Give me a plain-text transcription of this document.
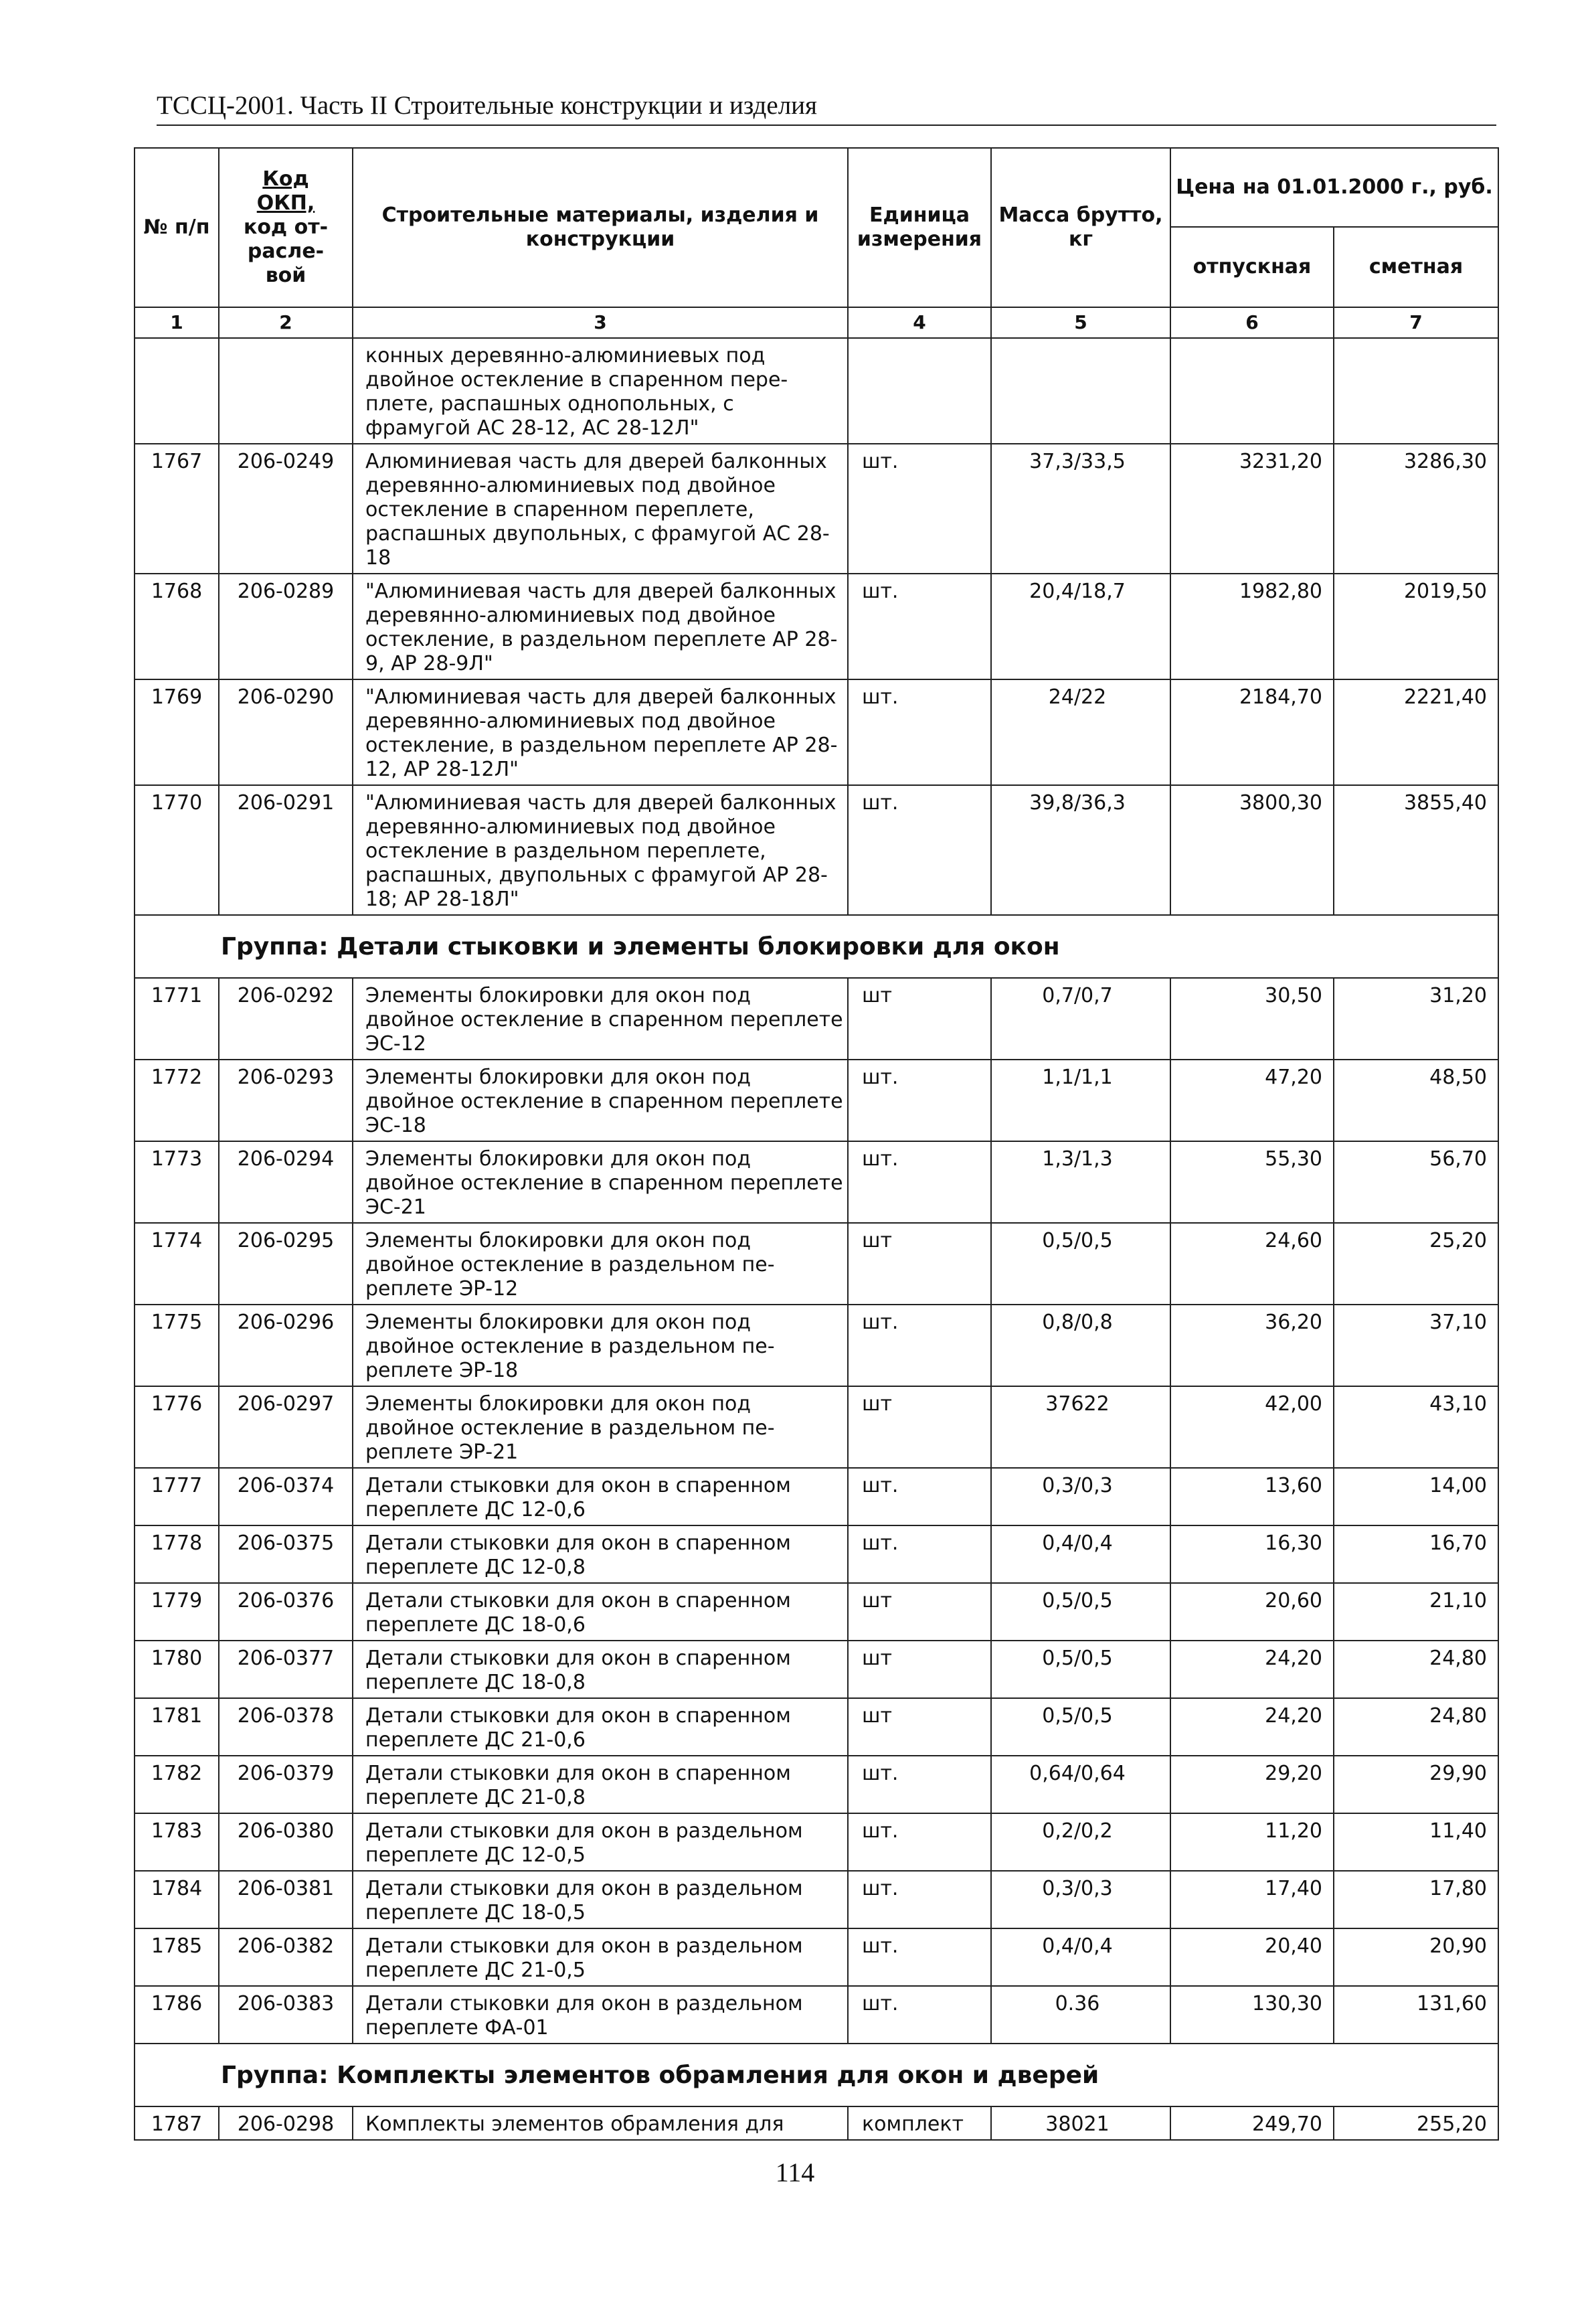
ТССЦ-2001. Часть II Строительные конструкции и изделия
№ п/п	Код
ОКП,
код от-
расле-
вой	Строительные материалы, изделия и конструкции	Единица измерения	Масса брутто, кг	Цена на 01.01.2000 г., руб.	
					отпускная	сметная
1	2	3	4	5	6	7
		конных деревянно-алюминиевых под двойное остекление в спаренном переплете, распашных однопольных, с фрамугой АС 28-12, АС 28-12Л"				
1767	206-0249	Алюминиевая часть для дверей балконных деревянно-алюминиевых под двойное остекление в спаренном переплете, распашных двупольных, с фрамугой АС 28-18	шт.	37,3/33,5	3231,20	3286,30
1768	206-0289	"Алюминиевая часть для дверей балконных деревянно-алюминиевых под двойное остекление, в раздельном переплете АР 28-9, АР 28-9Л"	шт.	20,4/18,7	1982,80	2019,50
1769	206-0290	"Алюминиевая часть для дверей балконных деревянно-алюминиевых под двойное остекление, в раздельном переплете АР 28-12, АР 28-12Л"	шт.	24/22	2184,70	2221,40
1770	206-0291	"Алюминиевая часть для дверей балконных деревянно-алюминиевых под двойное остекление в раздельном переплете, распашных, двупольных с фрамугой АР 28-18; АР 28-18Л"	шт.	39,8/36,3	3800,30	3855,40
Группа: Детали стыковки и элементы блокировки для окон						
1771	206-0292	Элементы блокировки для окон под двойное остекление в спаренном переплете ЭС-12	шт	0,7/0,7	30,50	31,20
1772	206-0293	Элементы блокировки для окон под двойное остекление в спаренном переплете ЭС-18	шт.	1,1/1,1	47,20	48,50
1773	206-0294	Элементы блокировки для окон под двойное остекление в спаренном переплете ЭС-21	шт.	1,3/1,3	55,30	56,70
1774	206-0295	Элементы блокировки для окон под двойное остекление в раздельном переплете ЭР-12	шт	0,5/0,5	24,60	25,20
1775	206-0296	Элементы блокировки для окон под двойное остекление в раздельном переплете ЭР-18	шт.	0,8/0,8	36,20	37,10
1776	206-0297	Элементы блокировки для окон под двойное остекление в раздельном переплете ЭР-21	шт	37622	42,00	43,10
1777	206-0374	Детали стыковки для окон в спаренном переплете ДС 12-0,6	шт.	0,3/0,3	13,60	14,00
1778	206-0375	Детали стыковки для окон в спаренном переплете ДС 12-0,8	шт.	0,4/0,4	16,30	16,70
1779	206-0376	Детали стыковки для окон в спаренном переплете ДС 18-0,6	шт	0,5/0,5	20,60	21,10
1780	206-0377	Детали стыковки для окон в спаренном переплете ДС 18-0,8	шт	0,5/0,5	24,20	24,80
1781	206-0378	Детали стыковки для окон в спаренном переплете ДС 21-0,6	шт	0,5/0,5	24,20	24,80
1782	206-0379	Детали стыковки для окон в спаренном переплете ДС 21-0,8	шт.	0,64/0,64	29,20	29,90
1783	206-0380	Детали стыковки для окон в раздельном переплете ДС 12-0,5	шт.	0,2/0,2	11,20	11,40
1784	206-0381	Детали стыковки для окон в раздельном переплете ДС 18-0,5	шт.	0,3/0,3	17,40	17,80
1785	206-0382	Детали стыковки для окон в раздельном переплете ДС 21-0,5	шт.	0,4/0,4	20,40	20,90
1786	206-0383	Детали стыковки для окон в раздельном переплете ФА-01	шт.	0.36	130,30	131,60
Группа: Комплекты элементов обрамления для окон и дверей						
1787	206-0298	Комплекты элементов обрамления для	комплект	38021	249,70	255,20
114
